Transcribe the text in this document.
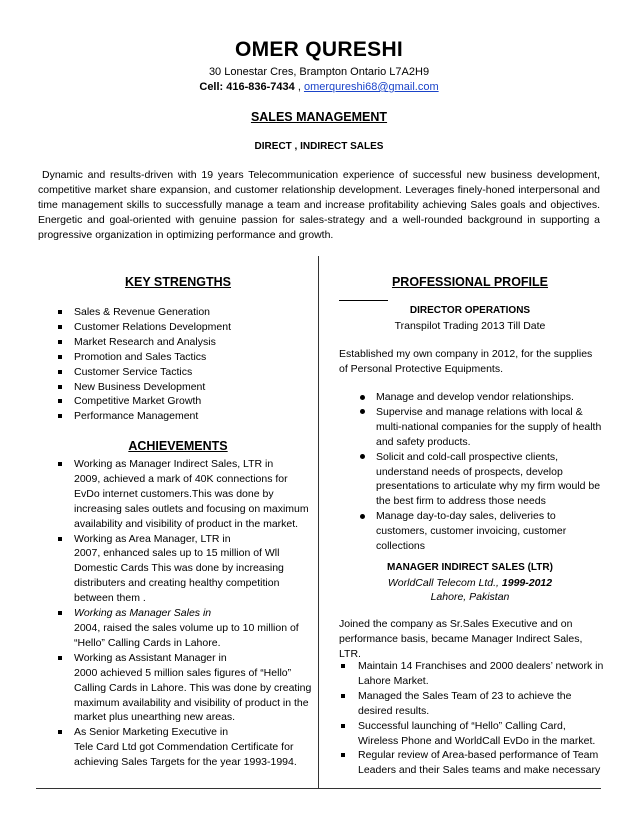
OMER QURESHI
30 Lonestar Cres, Brampton Ontario L7A2H9
Cell: 416-836-7434 , omerqureshi68@gmail.com
SALES MANAGEMENT
DIRECT , INDIRECT SALES
Dynamic and results-driven with 19 years Telecommunication experience of successful new business development, competitive market share expansion, and customer relationship development. Leverages finely-honed interpersonal and time management skills to successfully manage a team and increase profitability achieving Sales goals and objectives. Energetic and goal-oriented with genuine passion for sales-strategy and a well-rounded background in supporting a progressive organization in optimizing performance and growth.
KEY STRENGTHS
Sales & Revenue Generation
Customer Relations Development
Market Research and Analysis
Promotion and Sales Tactics
Customer Service Tactics
New Business Development
Competitive Market Growth
Performance Management
ACHIEVEMENTS
Working as Manager Indirect Sales, LTR in
2009, achieved a mark of 40K connections for EvDo internet customers.This was done by increasing sales outlets and focusing on maximum availability and visibility of product in the market.
Working as Area Manager, LTR in
2007, enhanced sales up to 15 million of Wll Domestic Cards This was done by increasing distributers and creating healthy competition between them .
Working as Manager Sales in
2004, raised the sales volume up to 10 million of “Hello” Calling Cards in Lahore.
Working as Assistant Manager in
2000 achieved 5 million sales figures of “Hello” Calling Cards in Lahore. This was done by creating maximum availability and visibility of product in the market plus unearthing new areas.
As Senior Marketing Executive in
Tele Card Ltd got Commendation Certificate for achieving Sales Targets for the year 1993-1994.
PROFESSIONAL PROFILE
DIRECTOR OPERATIONS
Transpilot Trading 2013 Till Date
Established my own company in 2012, for the supplies of Personal Protective Equipments.
Manage and develop vendor relationships.
Supervise and manage relations with local & multi-national companies for the supply of health and safety products.
Solicit and cold-call prospective clients, understand needs of prospects, develop presentations to articulate why my firm would be the best firm to address those needs
Manage day-to-day sales, deliveries to customers, customer invoicing, customer collections
MANAGER INDIRECT SALES (LTR)
WorldCall Telecom Ltd., 1999-2012
Lahore, Pakistan
Joined the company as Sr.Sales Executive and on performance basis, became Manager Indirect Sales, LTR.
Maintain 14 Franchises and 2000 dealers’ network in Lahore Market.
Managed the Sales Team of 23 to achieve the desired results.
Successful launching of “Hello” Calling Card, Wireless Phone and WorldCall EvDo in the market.
Regular review of Area-based performance of Team Leaders and their Sales teams and make necessary
